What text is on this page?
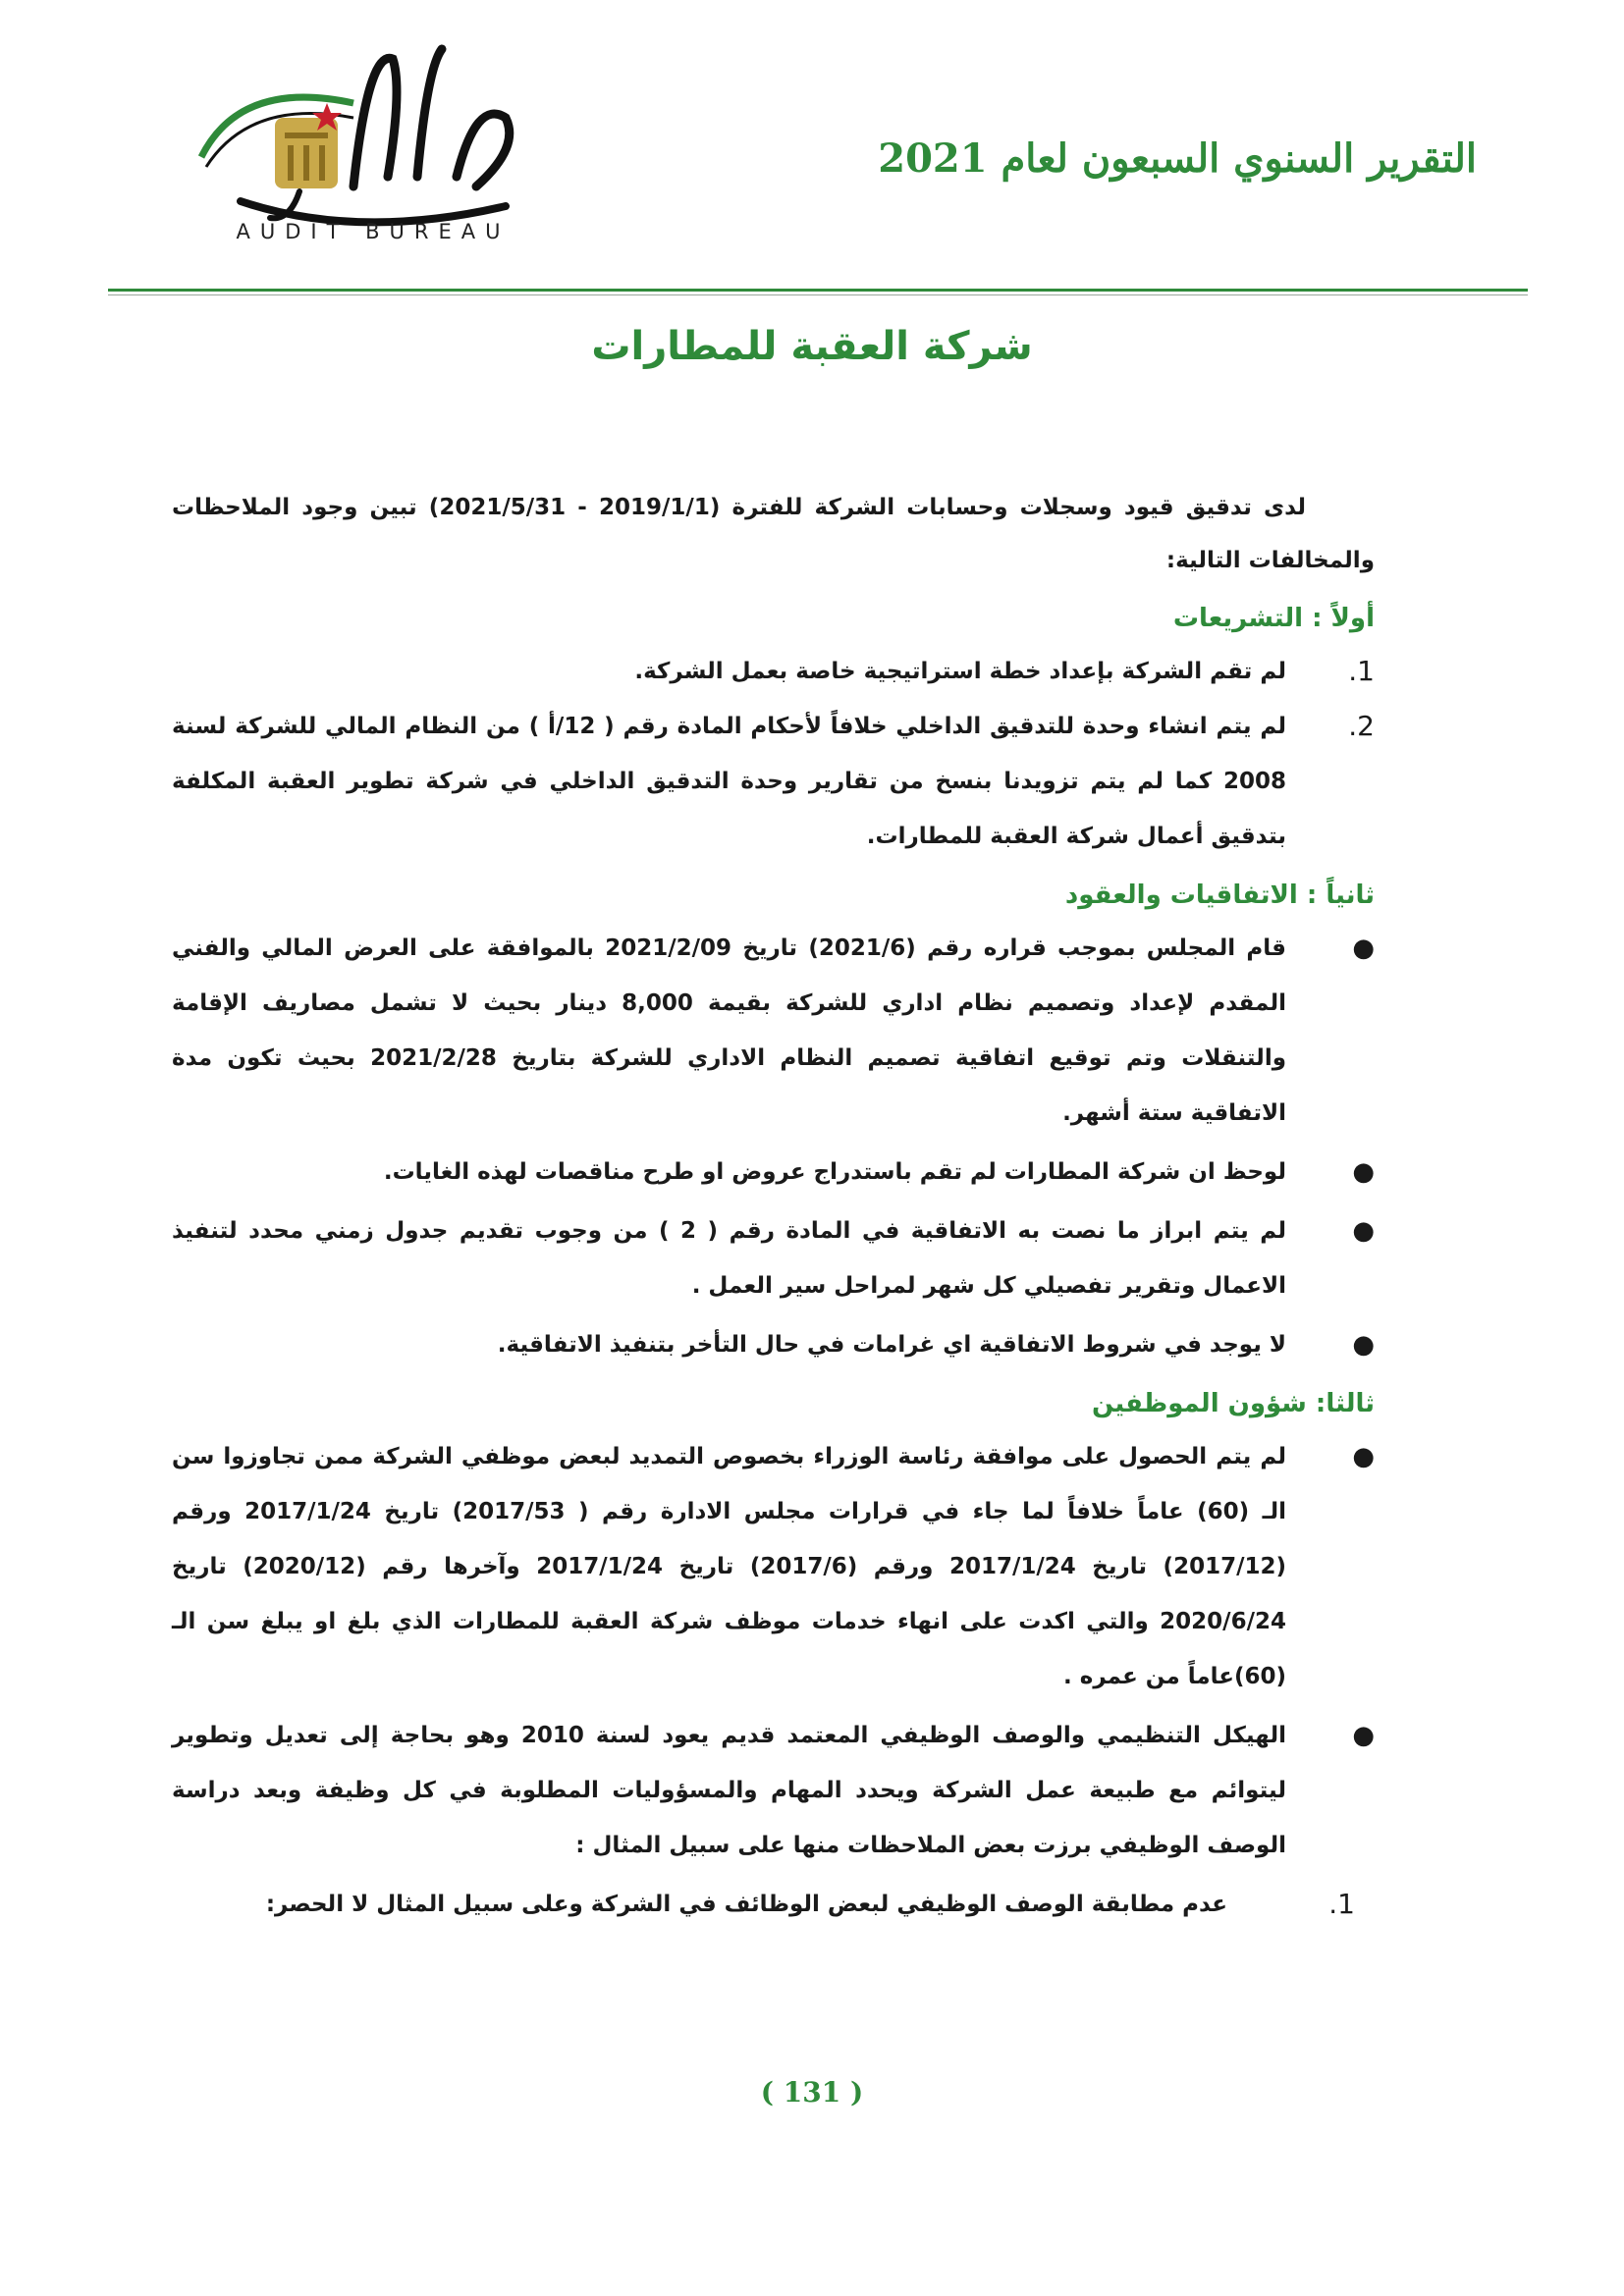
التقرير السنوي السبعون لعام 2021
AUDIT BUREAU
شركة العقبة للمطارات

لدى تدقيق قيود وسجلات وحسابات الشركة للفترة (2019/1/1 - 2021/5/31) تبين وجود الملاحظات والمخالفات التالية:

أولاً : التشريعات
1.
لم تقم الشركة بإعداد خطة استراتيجية خاصة بعمل الشركة.
2.
لم يتم انشاء وحدة للتدقيق الداخلي خلافاً لأحكام المادة رقم ( 12/أ ) من النظام المالي للشركة لسنة 2008 كما لم يتم تزويدنا بنسخ من تقارير وحدة التدقيق الداخلي في شركة تطوير العقبة المكلفة بتدقيق أعمال شركة العقبة للمطارات.
ثانياً : الاتفاقيات والعقود
●
قام المجلس بموجب قراره رقم (2021/6) تاريخ 2021/2/09 بالموافقة على العرض المالي والفني المقدم لإعداد وتصميم نظام اداري للشركة بقيمة 8,000 دينار بحيث لا تشمل مصاريف الإقامة والتنقلات وتم توقيع اتفاقية تصميم النظام الاداري للشركة بتاريخ 2021/2/28 بحيث تكون مدة الاتفاقية ستة أشهر.
●
لوحظ ان شركة المطارات لم تقم باستدراج عروض او طرح مناقصات لهذه الغايات.
●
لم يتم ابراز ما نصت به الاتفاقية في المادة رقم ( 2 ) من وجوب تقديم جدول زمني محدد لتنفيذ الاعمال وتقرير تفصيلي كل شهر لمراحل سير العمل .
●
لا يوجد في شروط الاتفاقية اي غرامات في حال التأخر بتنفيذ الاتفاقية.
ثالثا: شؤون الموظفين
●
لم يتم الحصول على موافقة رئاسة الوزراء بخصوص التمديد لبعض موظفي الشركة ممن تجاوزوا سن الـ (60) عاماً خلافاً لما جاء في قرارات مجلس الادارة رقم ( 2017/53) تاريخ 2017/1/24 ورقم (2017/12) تاريخ 2017/1/24 ورقم (2017/6) تاريخ 2017/1/24 وآخرها رقم (2020/12) تاريخ 2020/6/24 والتي اكدت على انهاء خدمات موظف شركة العقبة للمطارات الذي بلغ او يبلغ سن الـ (60)عاماً من عمره .
●
الهيكل التنظيمي والوصف الوظيفي المعتمد قديم يعود لسنة 2010 وهو بحاجة إلى تعديل وتطوير ليتوائم مع طبيعة عمل الشركة ويحدد المهام والمسؤوليات المطلوبة في كل وظيفة وبعد دراسة الوصف الوظيفي برزت بعض الملاحظات منها على سبيل المثال :
1.
عدم مطابقة الوصف الوظيفي لبعض الوظائف في الشركة وعلى سبيل المثال لا الحصر:
( 131 )
